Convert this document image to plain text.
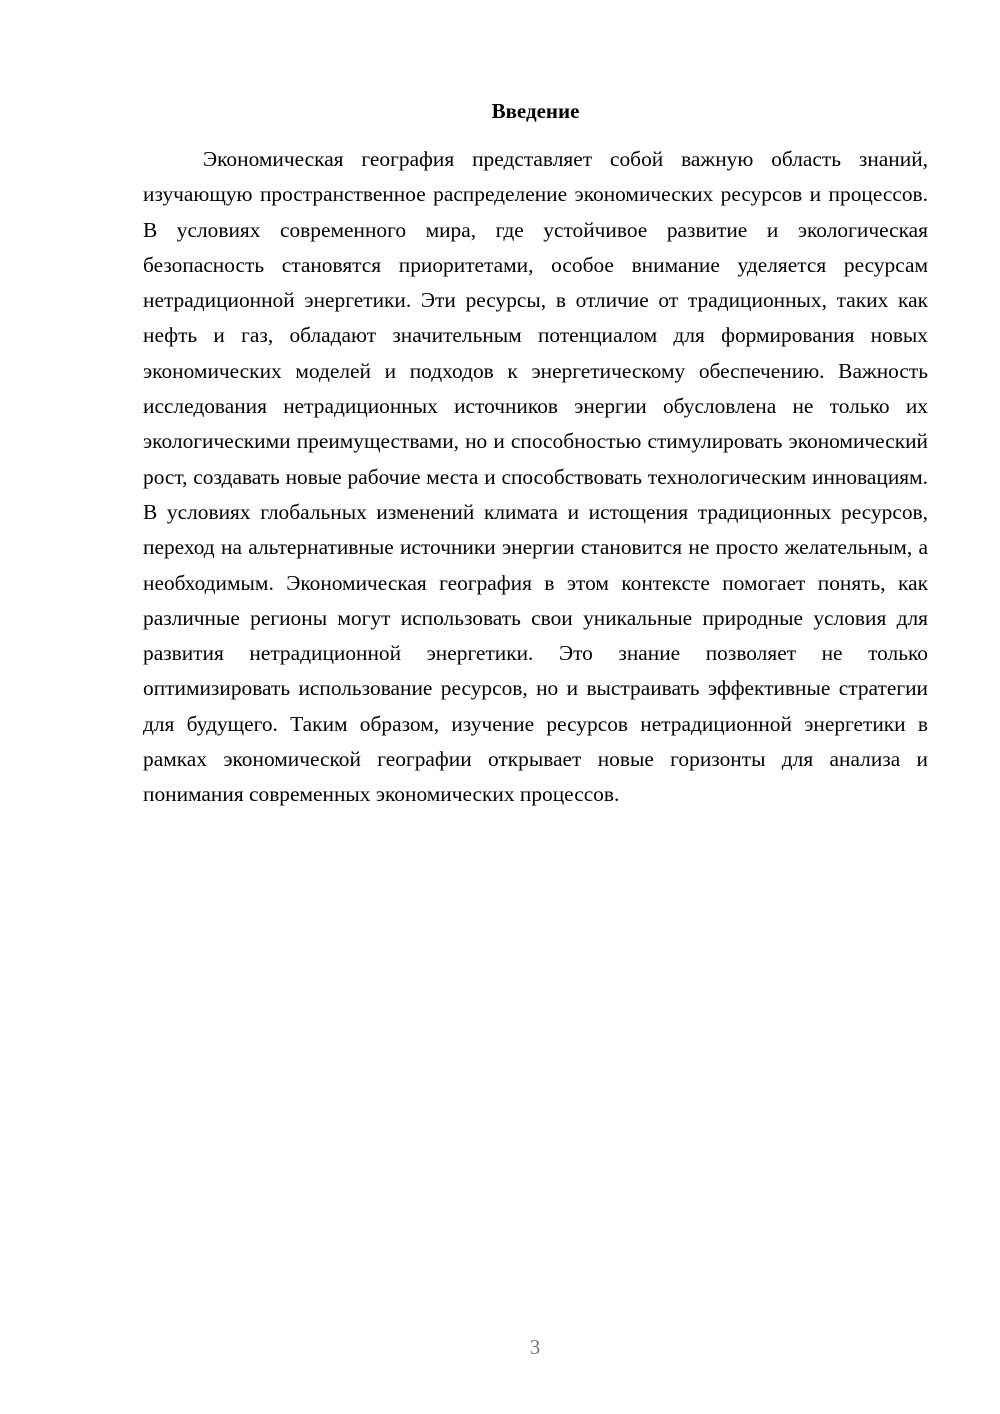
Введение

Экономическая география представляет собой важную область знаний, изучающую пространственное распределение экономических ресурсов и процессов. В условиях современного мира, где устойчивое развитие и экологическая безопасность становятся приоритетами, особое внимание уделяется ресурсам нетрадиционной энергетики. Эти ресурсы, в отличие от традиционных, таких как нефть и газ, обладают значительным потенциалом для формирования новых экономических моделей и подходов к энергетическому обеспечению. Важность исследования нетрадиционных источников энергии обусловлена не только их экологическими преимуществами, но и способностью стимулировать экономический рост, создавать новые рабочие места и способствовать технологическим инновациям. В условиях глобальных изменений климата и истощения традиционных ресурсов, переход на альтернативные источники энергии становится не просто желательным, а необходимым. Экономическая география в этом контексте помогает понять, как различные регионы могут использовать свои уникальные природные условия для развития нетрадиционной энергетики. Это знание позволяет не только оптимизировать использование ресурсов, но и выстраивать эффективные стратегии для будущего. Таким образом, изучение ресурсов нетрадиционной энергетики в рамках экономической географии открывает новые горизонты для анализа и понимания современных экономических процессов.

3
